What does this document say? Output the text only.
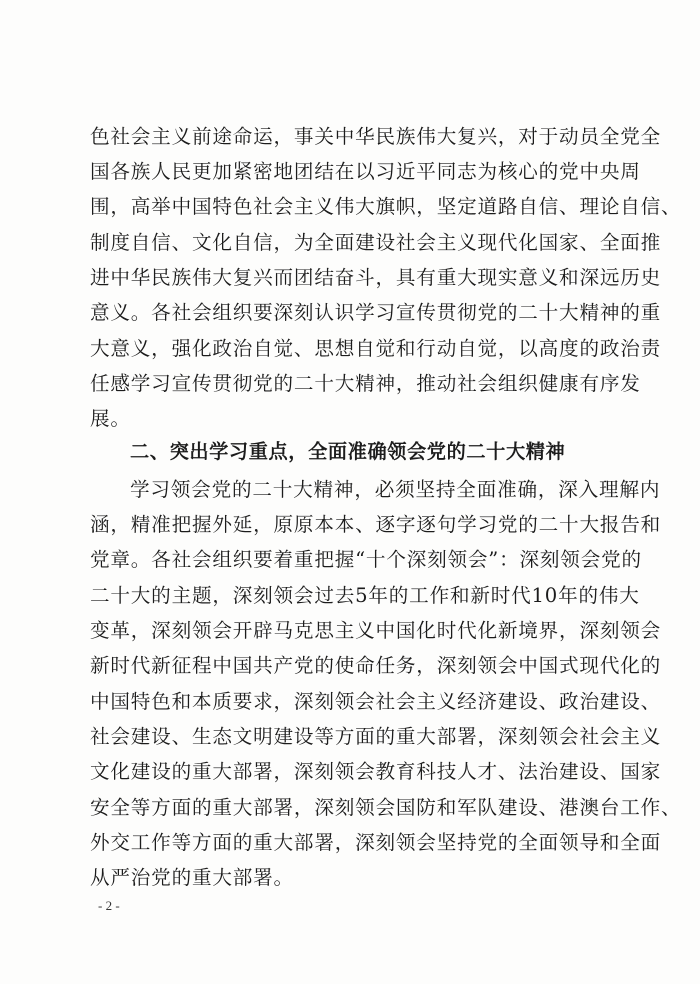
色社会主义前途命运，事关中华民族伟大复兴，对于动员全党全
国各族人民更加紧密地团结在以习近平同志为核心的党中央周
围，高举中国特色社会主义伟大旗帜，坚定道路自信、理论自信、
制度自信、文化自信，为全面建设社会主义现代化国家、全面推
进中华民族伟大复兴而团结奋斗，具有重大现实意义和深远历史
意义。各社会组织要深刻认识学习宣传贯彻党的二十大精神的重
大意义，强化政治自觉、思想自觉和行动自觉，以高度的政治责
任感学习宣传贯彻党的二十大精神，推动社会组织健康有序发
展。
二、突出学习重点，全面准确领会党的二十大精神
学习领会党的二十大精神，必须坚持全面准确，深入理解内
涵，精准把握外延，原原本本、逐字逐句学习党的二十大报告和
党章。各社会组织要着重把握“十个深刻领会”：深刻领会党的
二十大的主题，深刻领会过去5年的工作和新时代10年的伟大
变革，深刻领会开辟马克思主义中国化时代化新境界，深刻领会
新时代新征程中国共产党的使命任务，深刻领会中国式现代化的
中国特色和本质要求，深刻领会社会主义经济建设、政治建设、
社会建设、生态文明建设等方面的重大部署，深刻领会社会主义
文化建设的重大部署，深刻领会教育科技人才、法治建设、国家
安全等方面的重大部署，深刻领会国防和军队建设、港澳台工作、
外交工作等方面的重大部署，深刻领会坚持党的全面领导和全面
从严治党的重大部署。
- 2 -
